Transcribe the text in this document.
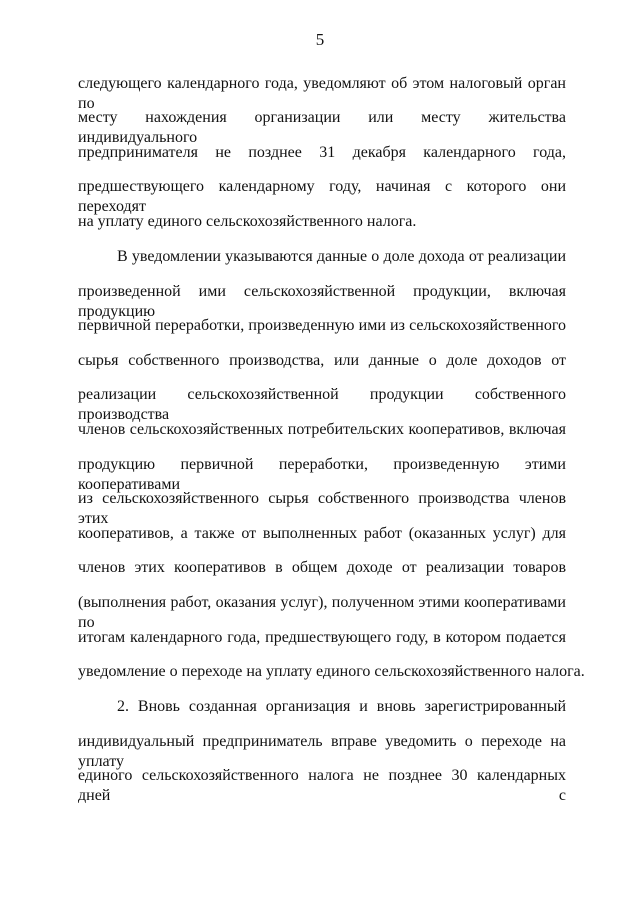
5
следующего календарного года, уведомляют об этом налоговый орган по
месту нахождения организации или месту жительства индивидуального
предпринимателя не позднее 31 декабря календарного года,
предшествующего календарному году, начиная с которого они переходят
на уплату единого сельскохозяйственного налога.
В уведомлении указываются данные о доле дохода от реализации
произведенной ими сельскохозяйственной продукции, включая продукцию
первичной переработки, произведенную ими из сельскохозяйственного
сырья собственного производства, или данные о доле доходов от
реализации сельскохозяйственной продукции собственного производства
членов сельскохозяйственных потребительских кооперативов, включая
продукцию первичной переработки, произведенную этими кооперативами
из сельскохозяйственного сырья собственного производства членов этих
кооперативов, а также от выполненных работ (оказанных услуг) для
членов этих кооперативов в общем доходе от реализации товаров
(выполнения работ, оказания услуг), полученном этими кооперативами по
итогам календарного года, предшествующего году, в котором подается
уведомление о переходе на уплату единого сельскохозяйственного налога.
2. Вновь созданная организация и вновь зарегистрированный
индивидуальный предприниматель вправе уведомить о переходе на уплату
единого сельскохозяйственного налога не позднее 30 календарных дней с
